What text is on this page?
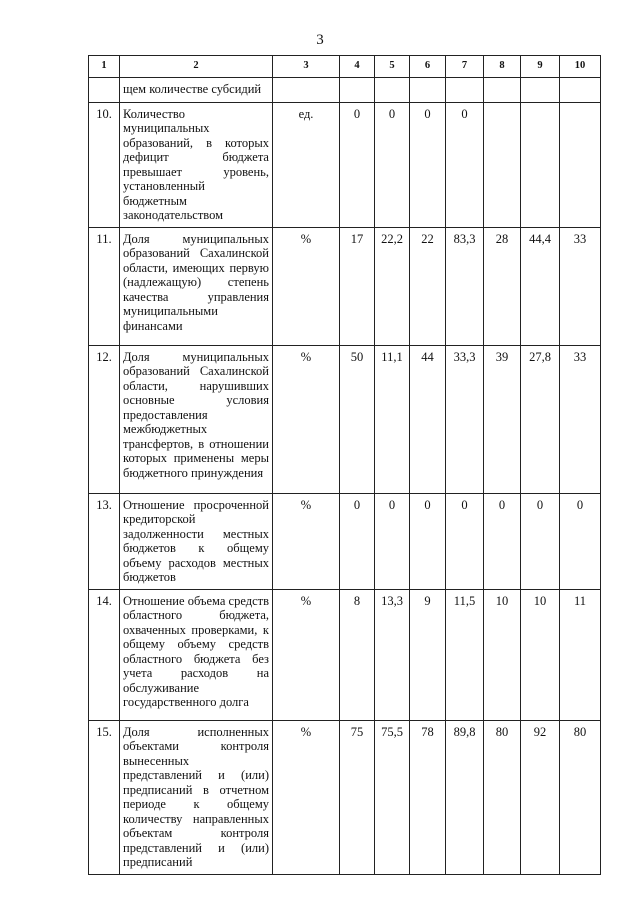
3
1	2	3	4	5	6	7	8	9	10
	щем количестве субсидий								
10.	Количество муниципальных образований, в которых дефицит бюджета превышает уровень, установленный бюджетным законодательством	ед.	0	0	0	0			
11.	Доля муниципальных образований Сахалинской области, имеющих первую (надлежащую) степень качества управления муниципальными финансами	%	17	22,2	22	83,3	28	44,4	33
12.	Доля муниципальных образований Сахалинской области, нарушивших основные условия предоставления межбюджетных трансфертов, в отношении которых применены меры бюджетного принуждения	%	50	11,1	44	33,3	39	27,8	33
13.	Отношение просроченной кредиторской задолженности местных бюджетов к общему объему расходов местных бюджетов	%	0	0	0	0	0	0	0
14.	Отношение объема средств областного бюджета, охваченных проверками, к общему объему средств областного бюджета без учета расходов на обслуживание государственного долга	%	8	13,3	9	11,5	10	10	11
15.	Доля исполненных объектами контроля вынесенных представлений и (или) предписаний в отчетном периоде к общему количеству направленных объектам контроля представлений и (или) предписаний	%	75	75,5	78	89,8	80	92	80
